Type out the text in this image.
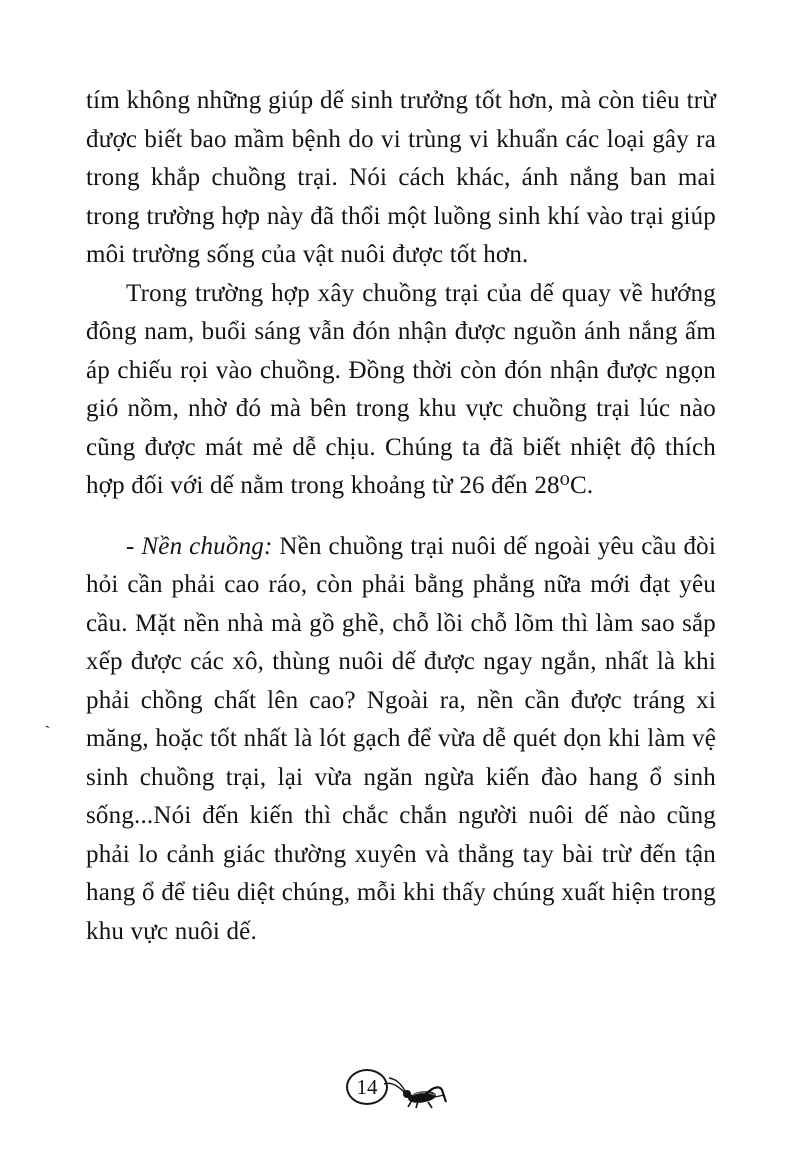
tím không những giúp dế sinh trưởng tốt hơn, mà còn tiêu trừ được biết bao mầm bệnh do vi trùng vi khuẩn các loại gây ra trong khắp chuồng trại. Nói cách khác, ánh nắng ban mai trong trường hợp này đã thổi một luồng sinh khí vào trại giúp môi trường sống của vật nuôi được tốt hơn.

Trong trường hợp xây chuồng trại của dế quay về hướng đông nam, buổi sáng vẫn đón nhận được nguồn ánh nắng ấm áp chiếu rọi vào chuồng. Đồng thời còn đón nhận được ngọn gió nồm, nhờ đó mà bên trong khu vực chuồng trại lúc nào cũng được mát mẻ dễ chịu. Chúng ta đã biết nhiệt độ thích hợp đối với dế nằm trong khoảng từ 26 đến 28⁰C.

- Nền chuồng: Nền chuồng trại nuôi dế ngoài yêu cầu đòi hỏi cần phải cao ráo, còn phải bằng phẳng nữa mới đạt yêu cầu. Mặt nền nhà mà gồ ghề, chỗ lồi chỗ lõm thì làm sao sắp xếp được các xô, thùng nuôi dế được ngay ngắn, nhất là khi phải chồng chất lên cao? Ngoài ra, nền cần được tráng xi măng, hoặc tốt nhất là lót gạch để vừa dễ quét dọn khi làm vệ sinh chuồng trại, lại vừa ngăn ngừa kiến đào hang ổ sinh sống...Nói đến kiến thì chắc chắn người nuôi dế nào cũng phải lo cảnh giác thường xuyên và thẳng tay bài trừ đến tận hang ổ để tiêu diệt chúng, mỗi khi thấy chúng xuất hiện trong khu vực nuôi dế.

`
14
